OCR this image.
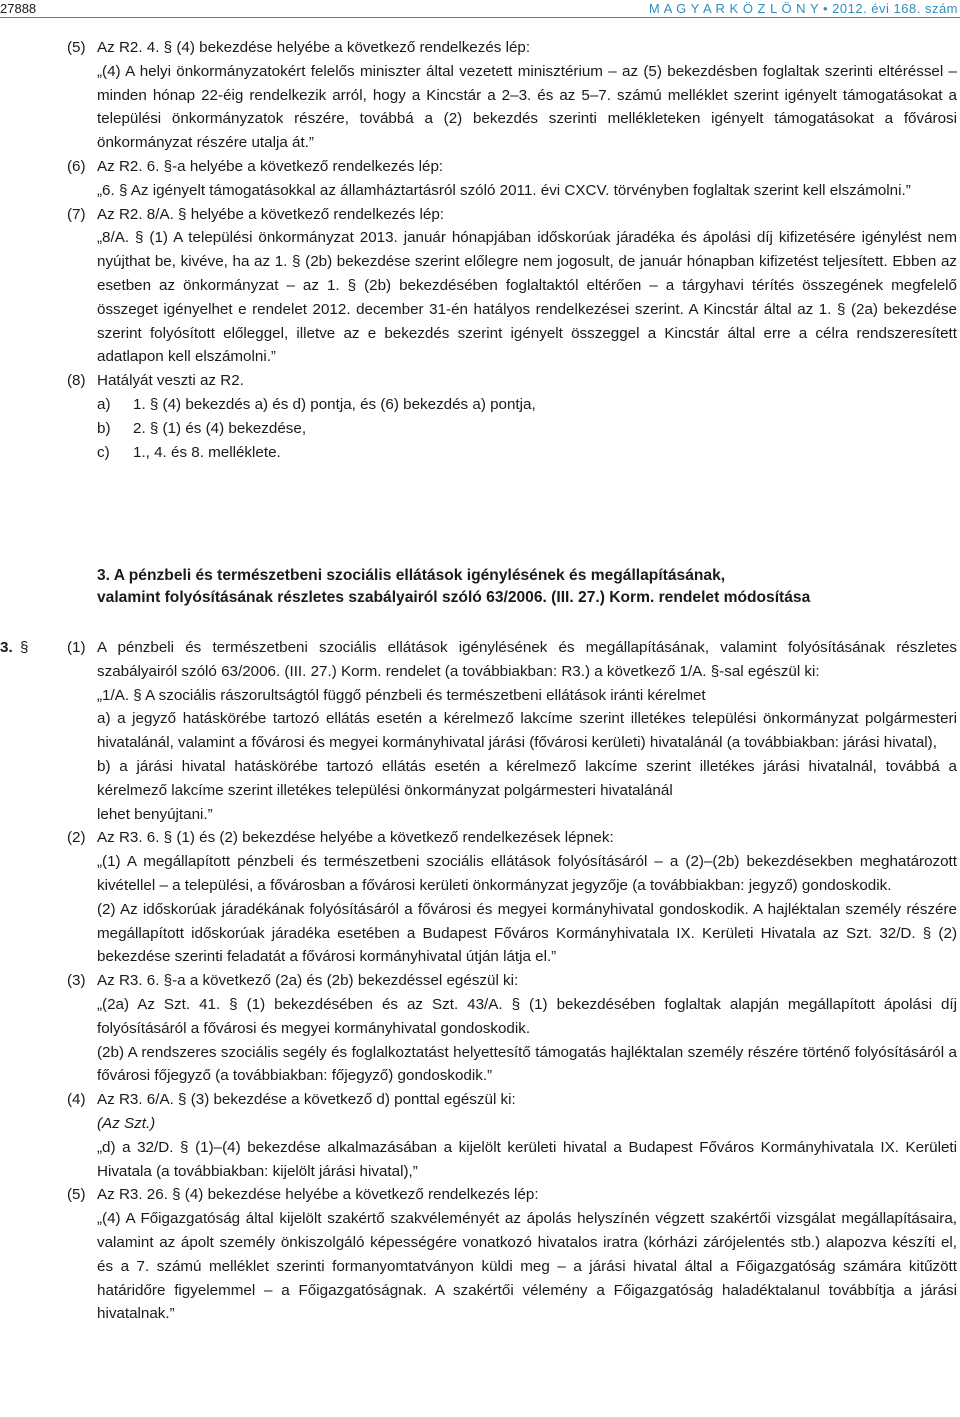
27888	M A G Y A R K Ö Z L Ö N Y • 2012. évi 168. szám
(5) Az R2. 4. § (4) bekezdése helyébe a következő rendelkezés lép:

„(4) A helyi önkormányzatokért felelős miniszter által vezetett minisztérium – az (5) bekezdésben foglaltak szerinti eltéréssel – minden hónap 22-éig rendelkezik arról, hogy a Kincstár a 2–3. és az 5–7. számú melléklet szerint igényelt támogatásokat a települési önkormányzatok részére, továbbá a (2) bekezdés szerinti mellékleteken igényelt támogatásokat a fővárosi önkormányzat részére utalja át.”

(6) Az R2. 6. §-a helyébe a következő rendelkezés lép:

„6. § Az igényelt támogatásokkal az államháztartásról szóló 2011. évi CXCV. törvényben foglaltak szerint kell elszámolni.”

(7) Az R2. 8/A. § helyébe a következő rendelkezés lép:

„8/A. § (1) A települési önkormányzat 2013. január hónapjában időskorúak járadéka és ápolási díj kifizetésére igénylést nem nyújthat be, kivéve, ha az 1. § (2b) bekezdése szerint előlegre nem jogosult, de január hónapban kifizetést teljesített. Ebben az esetben az önkormányzat – az 1. § (2b) bekezdésében foglaltaktól eltérően – a tárgyhavi térítés összegének megfelelő összeget igényelhet e rendelet 2012. december 31-én hatályos rendelkezései szerint. A Kincstár által az 1. § (2a) bekezdése szerint folyósított előleggel, illetve az e bekezdés szerint igényelt összeggel a Kincstár által erre a célra rendszeresített adatlapon kell elszámolni.”

(8) Hatályát veszti az R2.

a) 1. § (4) bekezdés a) és d) pontja, és (6) bekezdés a) pontja,

b) 2. § (1) és (4) bekezdése,

c) 1., 4. és 8. melléklete.

3. A pénzbeli és természetbeni szociális ellátások igénylésének és megállapításának,

valamint folyósításának részletes szabályairól szóló 63/2006. (III. 27.) Korm. rendelet módosítása

3. §	(1) A pénzbeli és természetbeni szociális ellátások igénylésének és megállapításának, valamint folyósításának részletes szabályairól szóló 63/2006. (III. 27.) Korm. rendelet (a továbbiakban: R3.) a következő 1/A. §-sal egészül ki:

„1/A. § A szociális rászorultságtól függő pénzbeli és természetbeni ellátások iránti kérelmet

a) a jegyző hatáskörébe tartozó ellátás esetén a kérelmező lakcíme szerint illetékes települési önkormányzat polgármesteri hivatalánál, valamint a fővárosi és megyei kormányhivatal járási (fővárosi kerületi) hivatalánál (a továbbiakban: járási hivatal),

b) a járási hivatal hatáskörébe tartozó ellátás esetén a kérelmező lakcíme szerint illetékes járási hivatalnál, továbbá a kérelmező lakcíme szerint illetékes települési önkormányzat polgármesteri hivatalánál

lehet benyújtani.”

(2) Az R3. 6. § (1) és (2) bekezdése helyébe a következő rendelkezések lépnek:

„(1) A megállapított pénzbeli és természetbeni szociális ellátások folyósításáról – a (2)–(2b) bekezdésekben meghatározott kivétellel – a települési, a fővárosban a fővárosi kerületi önkormányzat jegyzője (a továbbiakban: jegyző) gondoskodik.

(2) Az időskorúak járadékának folyósításáról a fővárosi és megyei kormányhivatal gondoskodik. A hajléktalan személy részére megállapított időskorúak járadéka esetében a Budapest Főváros Kormányhivatala IX. Kerületi Hivatala az Szt. 32/D. § (2) bekezdése szerinti feladatát a fővárosi kormányhivatal útján látja el.”

(3) Az R3. 6. §-a a következő (2a) és (2b) bekezdéssel egészül ki:

„(2a) Az Szt. 41. § (1) bekezdésében és az Szt. 43/A. § (1) bekezdésében foglaltak alapján megállapított ápolási díj folyósításáról a fővárosi és megyei kormányhivatal gondoskodik.

(2b) A rendszeres szociális segély és foglalkoztatást helyettesítő támogatás hajléktalan személy részére történő folyósításáról a fővárosi főjegyző (a továbbiakban: főjegyző) gondoskodik.”

(4) Az R3. 6/A. § (3) bekezdése a következő d) ponttal egészül ki:

(Az Szt.)

„d) a 32/D. § (1)–(4) bekezdése alkalmazásában a kijelölt kerületi hivatal a Budapest Főváros Kormányhivatala IX. Kerületi Hivatala (a továbbiakban: kijelölt járási hivatal),”

(5) Az R3. 26. § (4) bekezdése helyébe a következő rendelkezés lép:

„(4) A Főigazgatóság által kijelölt szakértő szakvéleményét az ápolás helyszínén végzett szakértői vizsgálat megállapításaira, valamint az ápolt személy önkiszolgáló képességére vonatkozó hivatalos iratra (kórházi zárójelentés stb.) alapozva készíti el, és a 7. számú melléklet szerinti formanyomtatványon küldi meg – a járási hivatal által a Főigazgatóság számára kitűzött határidőre figyelemmel – a Főigazgatóságnak. A szakértői vélemény a Főigazgatóság haladéktalanul továbbítja a járási hivatalnak.”
